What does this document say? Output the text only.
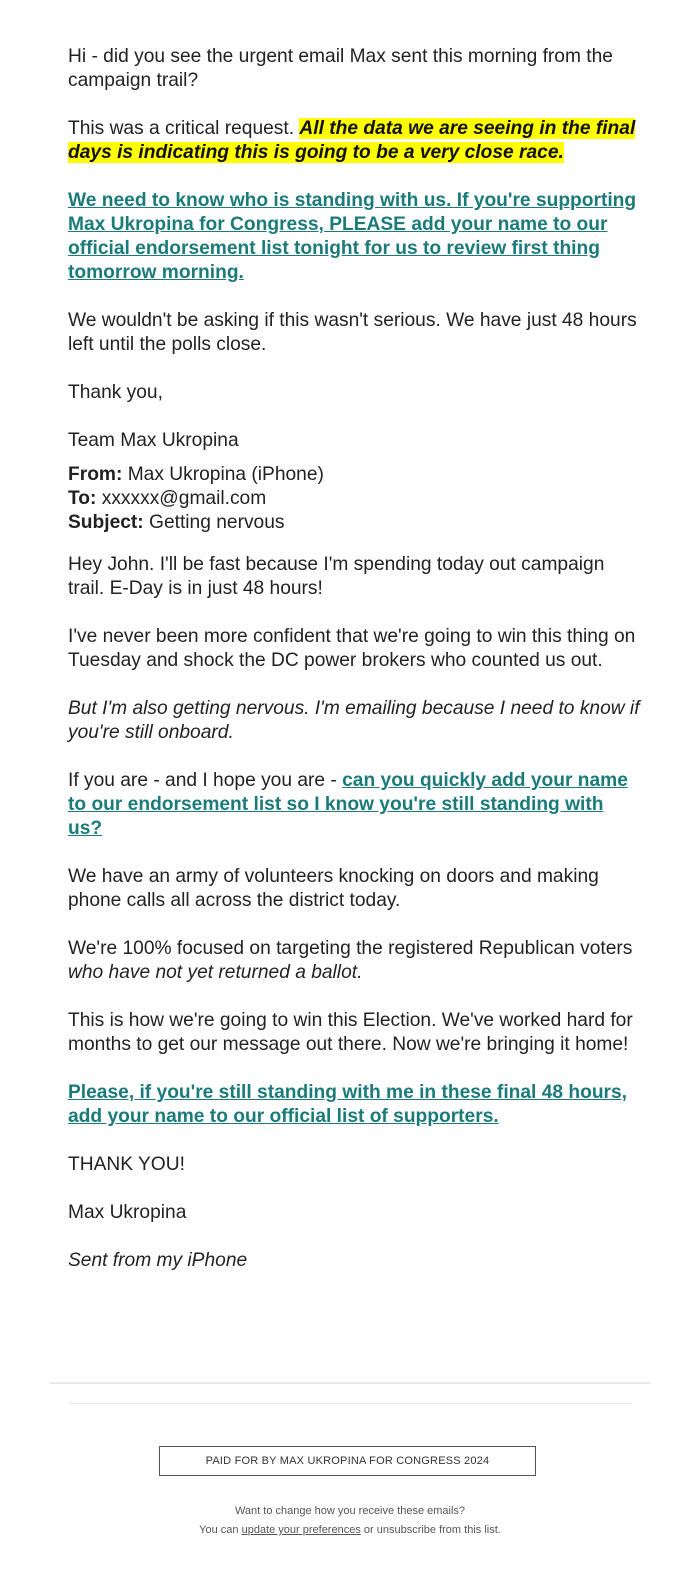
Hi - did you see the urgent email Max sent this morning from the campaign trail?

This was a critical request. All the data we are seeing in the final days is indicating this is going to be a very close race.

We need to know who is standing with us. If you're supporting Max Ukropina for Congress, PLEASE add your name to our official endorsement list tonight for us to review first thing tomorrow morning.

We wouldn't be asking if this wasn't serious. We have just 48 hours left until the polls close.

Thank you,

Team Max Ukropina

From: Max Ukropina (iPhone)
To: xxxxxx@gmail.com
Subject: Getting nervous

Hey John. I'll be fast because I'm spending today out campaign trail. E-Day is in just 48 hours!

I've never been more confident that we're going to win this thing on Tuesday and shock the DC power brokers who counted us out.

But I'm also getting nervous. I'm emailing because I need to know if you're still onboard.

If you are - and I hope you are - can you quickly add your name to our endorsement list so I know you're still standing with us?

We have an army of volunteers knocking on doors and making phone calls all across the district today.

We're 100% focused on targeting the registered Republican voters who have not yet returned a ballot.

This is how we're going to win this Election. We've worked hard for months to get our message out there. Now we're bringing it home!

Please, if you're still standing with me in these final 48 hours, add your name to our official list of supporters.

THANK YOU!

Max Ukropina

Sent from my iPhone

PAID FOR BY MAX UKROPINA FOR CONGRESS 2024
Want to change how you receive these emails?
You can update your preferences or unsubscribe from this list.
